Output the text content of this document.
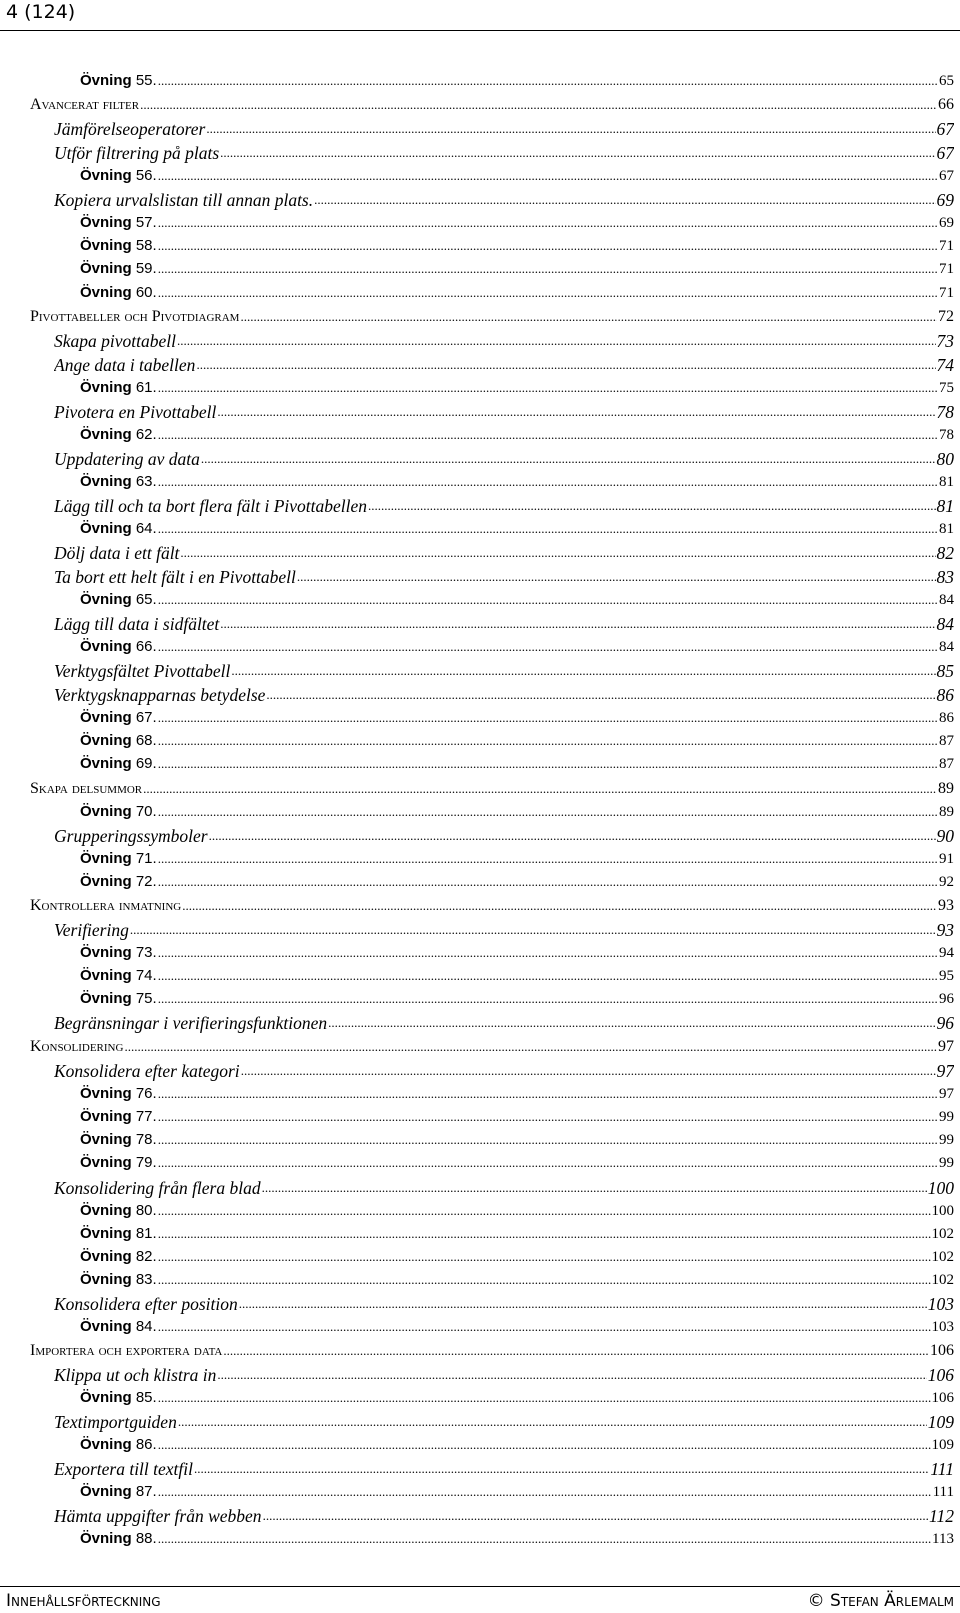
4 (124)
Övning 55. .....	65
Avancerat filter .....	66
Jämförelseoperatorer .....	67
Utför filtrering på plats .....	67
Övning 56. .....	67
Kopiera urvalslistan till annan plats. .....	69
Övning 57. .....	69
Övning 58. .....	71
Övning 59. .....	71
Övning 60. .....	71
Pivottabeller och Pivotdiagram .....	72
Skapa pivottabell .....	73
Ange data i tabellen .....	74
Övning 61. .....	75
Pivotera en Pivottabell .....	78
Övning 62. .....	78
Uppdatering av data .....	80
Övning 63. .....	81
Lägg till och ta bort flera fält i Pivottabellen .....	81
Övning 64. .....	81
Dölj data i ett fält .....	82
Ta bort ett helt fält i en Pivottabell .....	83
Övning 65. .....	84
Lägg till data i sidfältet .....	84
Övning 66. .....	84
Verktygsfältet Pivottabell .....	85
Verktygsknapparnas betydelse .....	86
Övning 67. .....	86
Övning 68. .....	87
Övning 69. .....	87
Skapa delsummor .....	89
Övning 70. .....	89
Grupperingssymboler .....	90
Övning 71. .....	91
Övning 72. .....	92
Kontrollera inmatning .....	93
Verifiering .....	93
Övning 73. .....	94
Övning 74. .....	95
Övning 75. .....	96
Begränsningar i verifieringsfunktionen .....	96
Konsolidering .....	97
Konsolidera efter kategori .....	97
Övning 76. .....	97
Övning 77. .....	99
Övning 78. .....	99
Övning 79. .....	99
Konsolidering från flera blad .....	100
Övning 80. .....	100
Övning 81. .....	102
Övning 82. .....	102
Övning 83. .....	102
Konsolidera efter position .....	103
Övning 84. .....	103
Importera och exportera data .....	106
Klippa ut och klistra in .....	106
Övning 85. .....	106
Textimportguiden .....	109
Övning 86. .....	109
Exportera till textfil .....	111
Övning 87. .....	111
Hämta uppgifter från webben .....	112
Övning 88. .....	113
Innehållsförteckning	© Stefan Ärlemalm
